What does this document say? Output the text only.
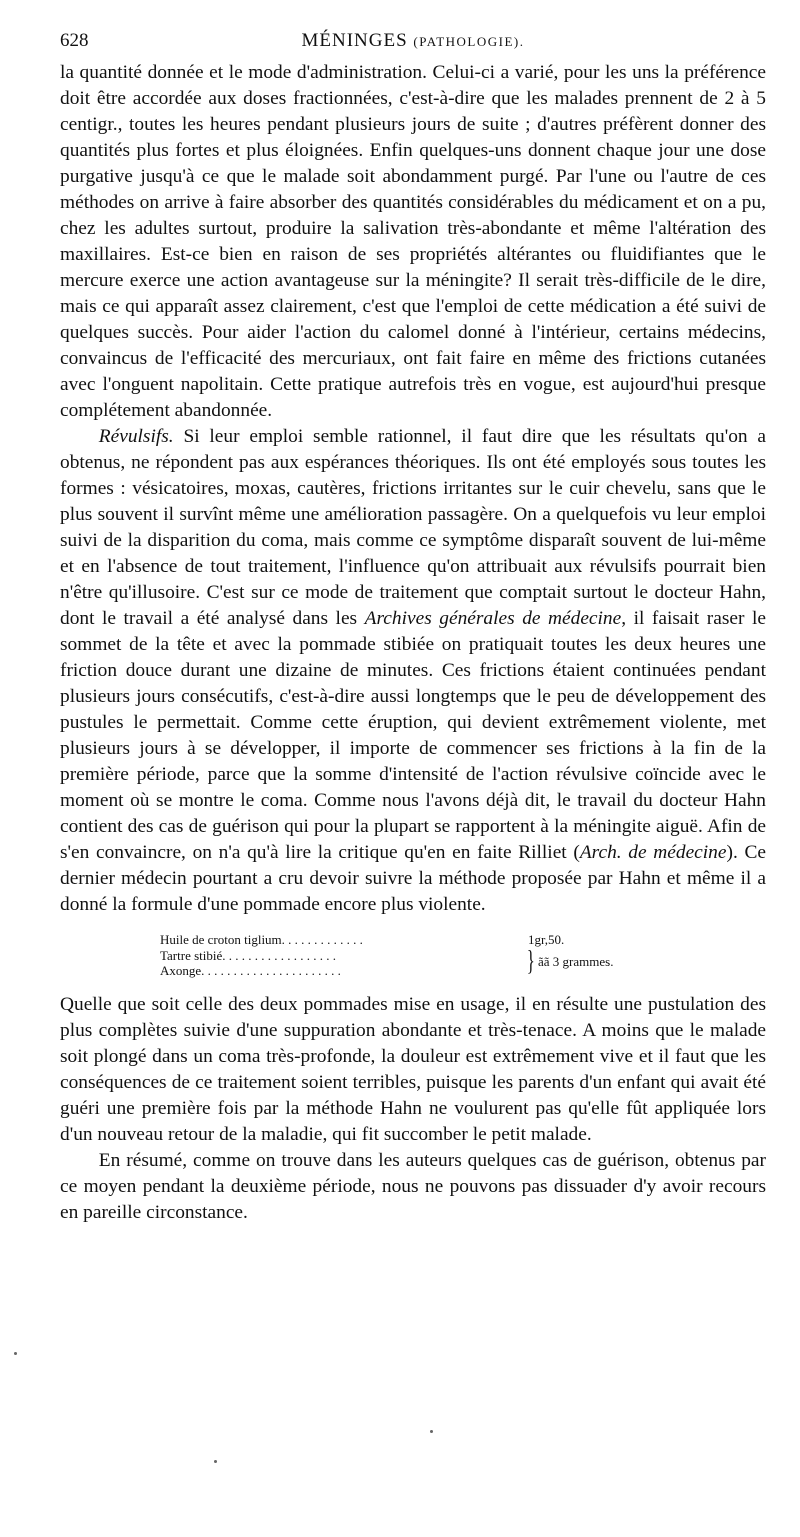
628	MÉNINGES (PATHOLOGIE).

la quantité donnée et le mode d'administration. Celui-ci a varié, pour les uns la préférence doit être accordée aux doses fractionnées, c'est-à-dire que les malades prennent de 2 à 5 centigr., toutes les heures pendant plusieurs jours de suite ; d'autres préfèrent donner des quantités plus fortes et plus éloignées. Enfin quelques-uns donnent chaque jour une dose purgative jusqu'à ce que le malade soit abondamment purgé. Par l'une ou l'autre de ces méthodes on arrive à faire absorber des quantités considérables du médicament et on a pu, chez les adultes surtout, produire la salivation très-abondante et même l'altération des maxillaires. Est-ce bien en raison de ses propriétés altérantes ou fluidifiantes que le mercure exerce une action avantageuse sur la méningite? Il serait très-difficile de le dire, mais ce qui apparaît assez clairement, c'est que l'emploi de cette médication a été suivi de quelques succès. Pour aider l'action du calomel donné à l'intérieur, certains médecins, convaincus de l'efficacité des mercuriaux, ont fait faire en même des frictions cutanées avec l'onguent napolitain. Cette pratique autrefois très en vogue, est aujourd'hui presque complétement abandonnée.

Révulsifs. Si leur emploi semble rationnel, il faut dire que les résultats qu'on a obtenus, ne répondent pas aux espérances théoriques. Ils ont été employés sous toutes les formes : vésicatoires, moxas, cautères, frictions irritantes sur le cuir chevelu, sans que le plus souvent il survînt même une amélioration passagère. On a quelquefois vu leur emploi suivi de la disparition du coma, mais comme ce symptôme disparaît souvent de lui-même et en l'absence de tout traitement, l'influence qu'on attribuait aux révulsifs pourrait bien n'être qu'illusoire. C'est sur ce mode de traitement que comptait surtout le docteur Hahn, dont le travail a été analysé dans les Archives générales de médecine, il faisait raser le sommet de la tête et avec la pommade stibiée on pratiquait toutes les deux heures une friction douce durant une dizaine de minutes. Ces frictions étaient continuées pendant plusieurs jours consécutifs, c'est-à-dire aussi longtemps que le peu de développement des pustules le permettait. Comme cette éruption, qui devient extrêmement violente, met plusieurs jours à se développer, il importe de commencer ses frictions à la fin de la première période, parce que la somme d'intensité de l'action révulsive coïncide avec le moment où se montre le coma. Comme nous l'avons déjà dit, le travail du docteur Hahn contient des cas de guérison qui pour la plupart se rapportent à la méningite aiguë. Afin de s'en convaincre, on n'a qu'à lire la critique qu'en en faite Rilliet (Arch. de médecine). Ce dernier médecin pourtant a cru devoir suivre la méthode proposée par Hahn et même il a donné la formule d'une pommade encore plus violente.

Huile de croton tiglium. . . . . . . . . . . . .	1gr,50.
Tartre stibié. . . . . . . . . . . . . . . . . .
Axonge. . . . . . . . . . . . . . . . . . . . . .	} ãã 3 grammes.

Quelle que soit celle des deux pommades mise en usage, il en résulte une pustulation des plus complètes suivie d'une suppuration abondante et très-tenace. A moins que le malade soit plongé dans un coma très-profonde, la douleur est extrêmement vive et il faut que les conséquences de ce traitement soient terribles, puisque les parents d'un enfant qui avait été guéri une première fois par la méthode Hahn ne voulurent pas qu'elle fût appliquée lors d'un nouveau retour de la maladie, qui fit succomber le petit malade.

En résumé, comme on trouve dans les auteurs quelques cas de guérison, obtenus par ce moyen pendant la deuxième période, nous ne pouvons pas dissuader d'y avoir recours en pareille circonstance.
